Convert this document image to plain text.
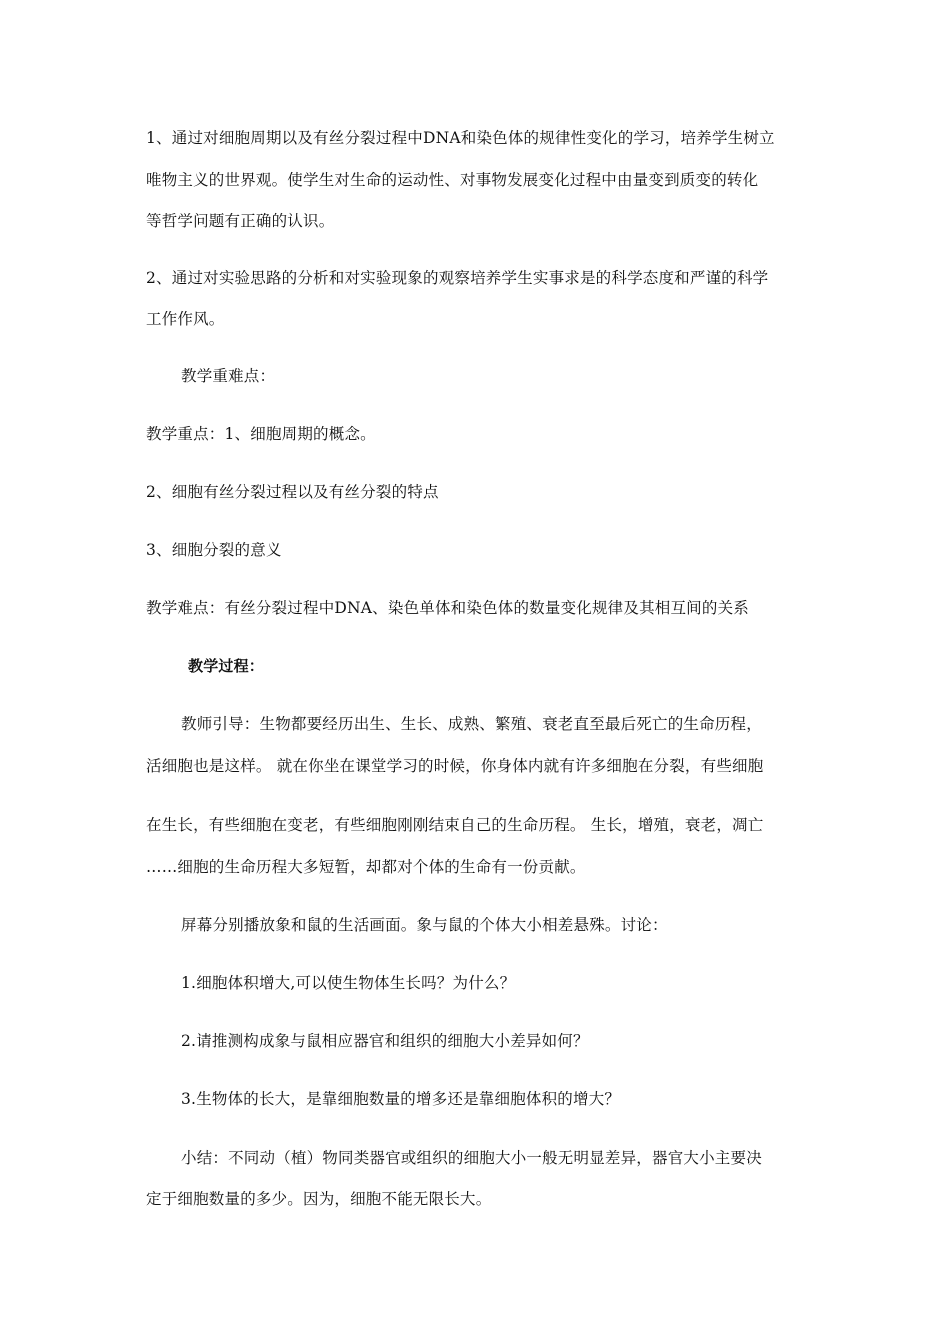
1、通过对细胞周期以及有丝分裂过程中DNA和染色体的规律性变化的学习，培养学生树立
唯物主义的世界观。使学生对生命的运动性、对事物发展变化过程中由量变到质变的转化
等哲学问题有正确的认识。
2、通过对实验思路的分析和对实验现象的观察培养学生实事求是的科学态度和严谨的科学
工作作风。
教学重难点：
教学重点：1、细胞周期的概念。
2、细胞有丝分裂过程以及有丝分裂的特点
3、细胞分裂的意义
教学难点：有丝分裂过程中DNA、染色单体和染色体的数量变化规律及其相互间的关系
教学过程：
教师引导：生物都要经历出生、生长、成熟、繁殖、衰老直至最后死亡的生命历程，
活细胞也是这样。 就在你坐在课堂学习的时候，你身体内就有许多细胞在分裂，有些细胞
在生长，有些细胞在变老，有些细胞刚刚结束自己的生命历程。 生长，增殖，衰老，凋亡
……细胞的生命历程大多短暂，却都对个体的生命有一份贡献。
屏幕分别播放象和鼠的生活画面。象与鼠的个体大小相差悬殊。讨论：
1.细胞体积增大,可以使生物体生长吗？为什么？
2.请推测构成象与鼠相应器官和组织的细胞大小差异如何？
3.生物体的长大，是靠细胞数量的增多还是靠细胞体积的增大？
小结：不同动（植）物同类器官或组织的细胞大小一般无明显差异，器官大小主要决
定于细胞数量的多少。因为，细胞不能无限长大。
